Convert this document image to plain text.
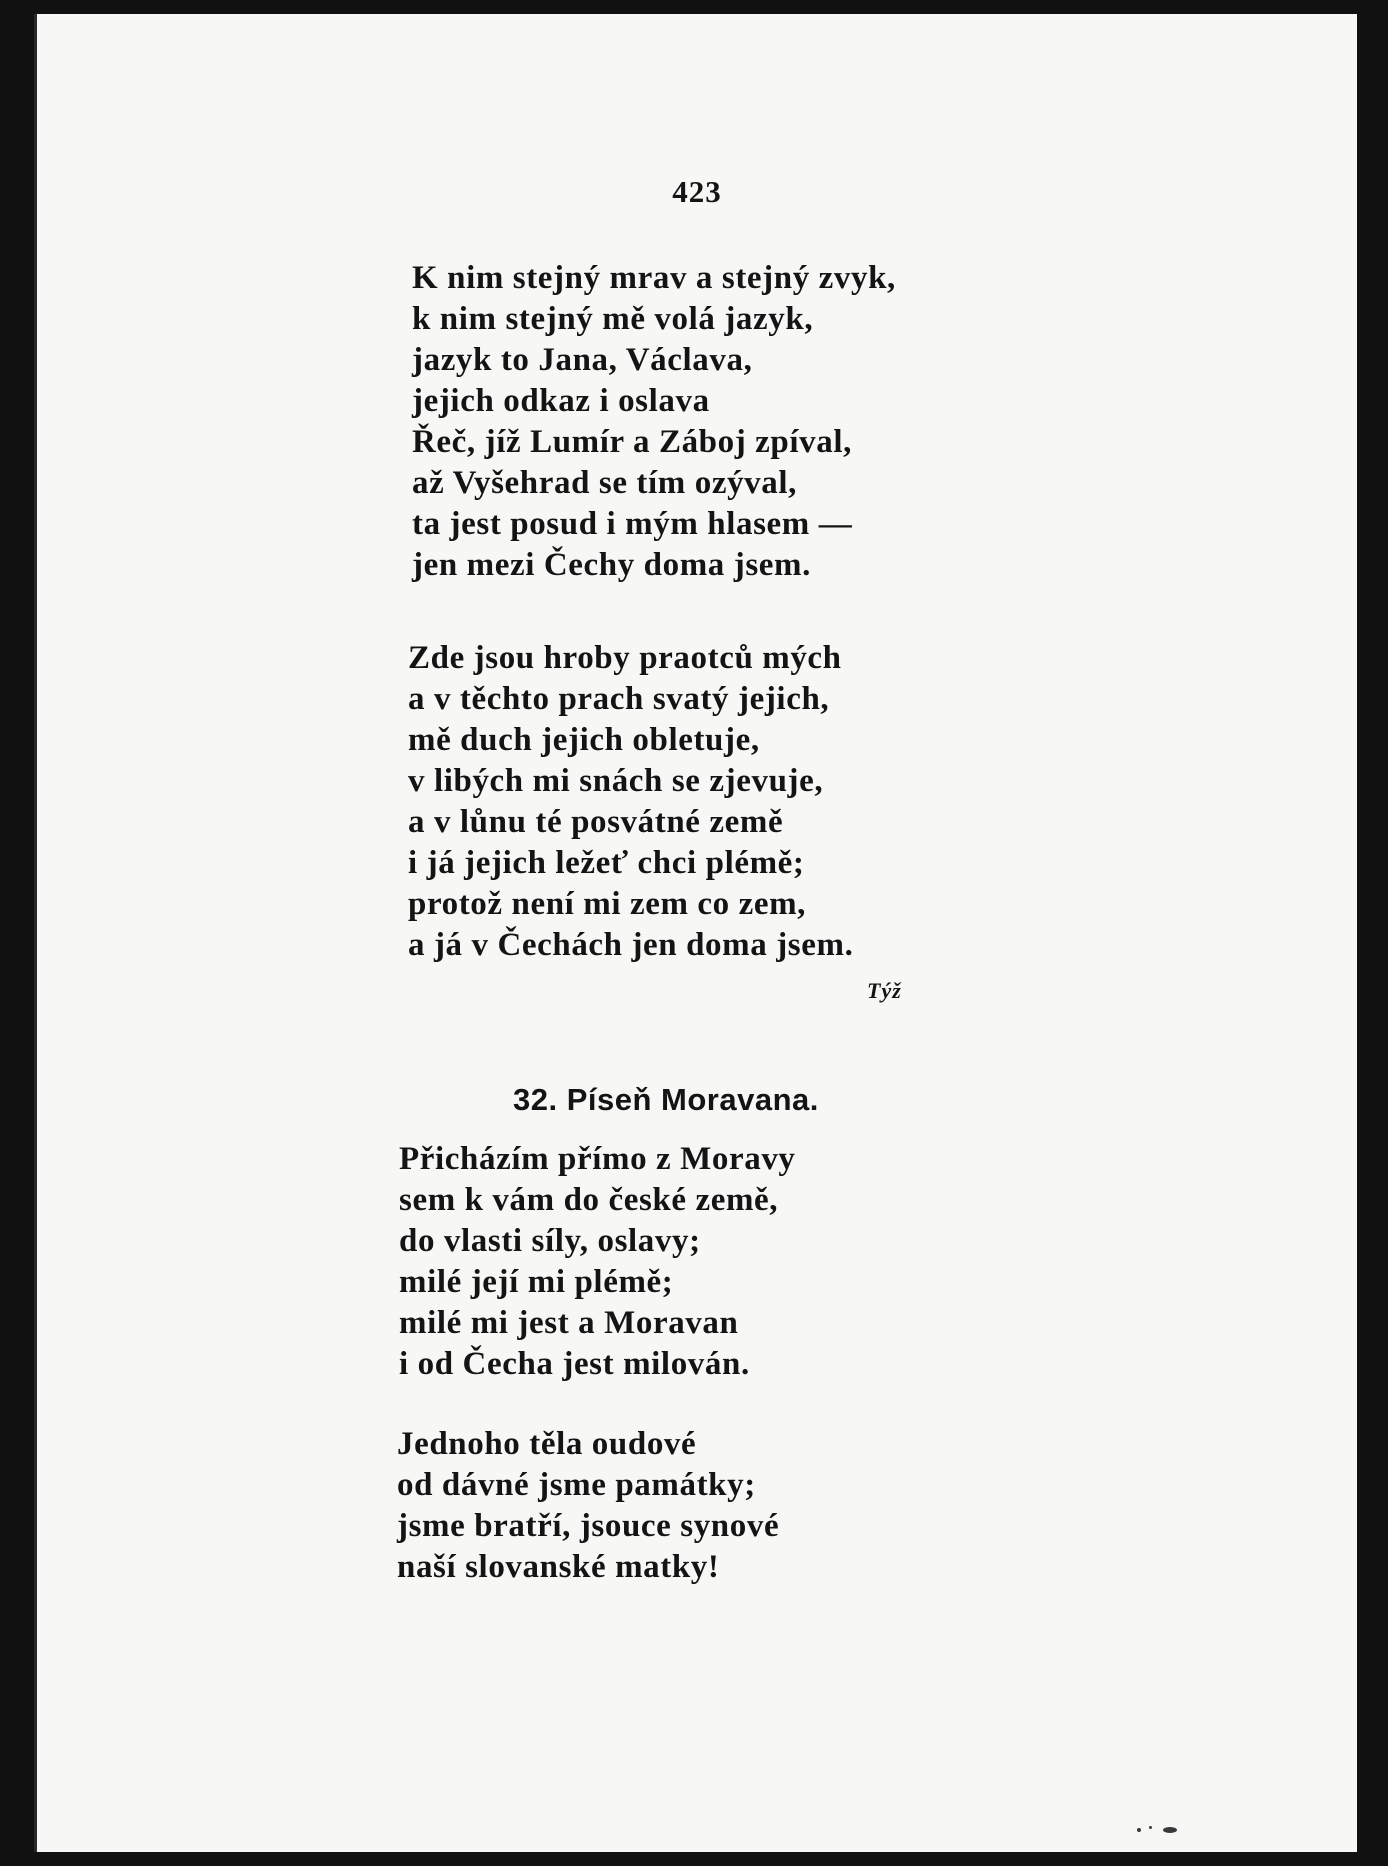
423
K nim stejný mrav a stejný zvyk,
k nim stejný mě volá jazyk,
jazyk to Jana, Václava,
jejich odkaz i oslava
Řeč, jíž Lumír a Záboj zpíval,
až Vyšehrad se tím ozýval,
ta jest posud i mým hlasem —
jen mezi Čechy doma jsem.
Zde jsou hroby praotců mých
a v těchto prach svatý jejich,
mě duch jejich obletuje,
v libých mi snách se zjevuje,
a v lůnu té posvátné země
i já jejich ležeť chci plémě;
protož není mi zem co zem,
a já v Čechách jen doma jsem.
Týž
32. Píseň Moravana.
Přicházím přímo z Moravy
sem k vám do české země,
do vlasti síly, oslavy;
milé její mi plémě;
milé mi jest a Moravan
i od Čecha jest milován.
Jednoho těla oudové
od dávné jsme památky;
jsme bratří, jsouce synové
naší slovanské matky!
